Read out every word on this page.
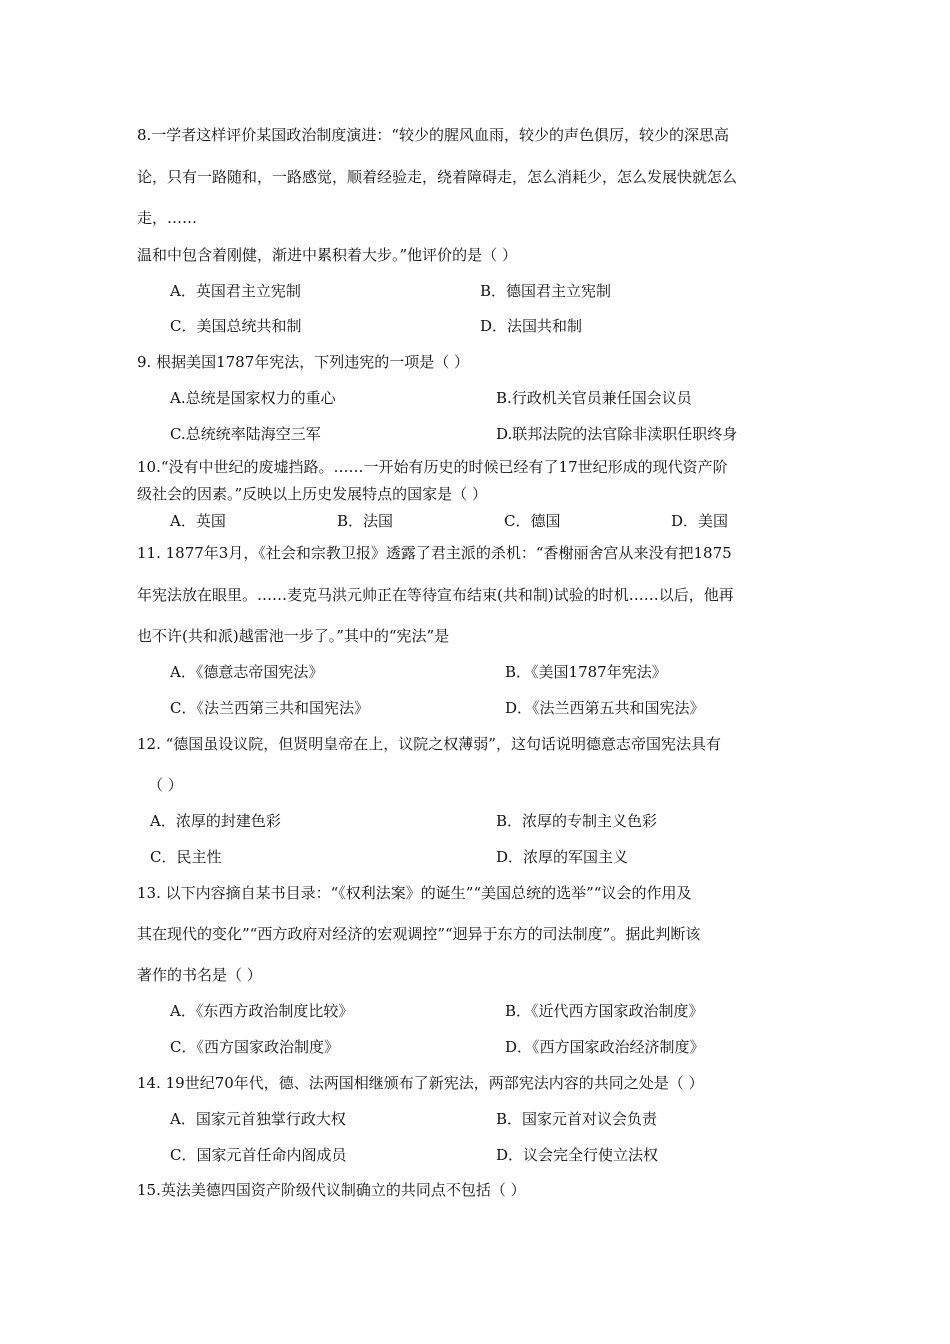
8.一学者这样评价某国政治制度演进：“较少的腥风血雨，较少的声色俱厉，较少的深思高
论，只有一路随和，一路感觉，顺着经验走，绕着障碍走，怎么消耗少，怎么发展快就怎么
走，……
温和中包含着刚健，渐进中累积着大步。”他评价的是（ ）
A．英国君主立宪制	B．德国君主立宪制
C．美国总统共和制	D．法国共和制
9. 根据美国1787年宪法，下列违宪的一项是（ ）
A.总统是国家权力的重心	B.行政机关官员兼任国会议员
C.总统统率陆海空三军	D.联邦法院的法官除非渎职任职终身
10.“没有中世纪的废墟挡路。……一开始有历史的时候已经有了17世纪形成的现代资产阶
级社会的因素。”反映以上历史发展特点的国家是（ ）
A．英国	B．法国	C．德国	D．美国
11. 1877年3月，《社会和宗教卫报》透露了君主派的杀机：“香榭丽舍宫从来没有把1875
年宪法放在眼里。……麦克马洪元帅正在等待宣布结束(共和制)试验的时机……以后，他再
也不许(共和派)越雷池一步了。”其中的“宪法”是
A．《德意志帝国宪法》	B．《美国1787年宪法》
C．《法兰西第三共和国宪法》	D．《法兰西第五共和国宪法》
12. “德国虽设议院，但贤明皇帝在上，议院之权薄弱”，这句话说明德意志帝国宪法具有
（ ）
A．浓厚的封建色彩	B．浓厚的专制主义色彩
C．民主性	D．浓厚的军国主义
13. 以下内容摘自某书目录：“《权利法案》的诞生”“美国总统的选举”“议会的作用及
其在现代的变化”“西方政府对经济的宏观调控”“迥异于东方的司法制度”。据此判断该
著作的书名是（ ）
A．《东西方政治制度比较》	B．《近代西方国家政治制度》
C．《西方国家政治制度》	D．《西方国家政治经济制度》
14. 19世纪70年代，德、法两国相继颁布了新宪法，两部宪法内容的共同之处是（ ）
A．国家元首独掌行政大权	B．国家元首对议会负责
C．国家元首任命内阁成员	D．议会完全行使立法权
15.英法美德四国资产阶级代议制确立的共同点不包括（ ）
